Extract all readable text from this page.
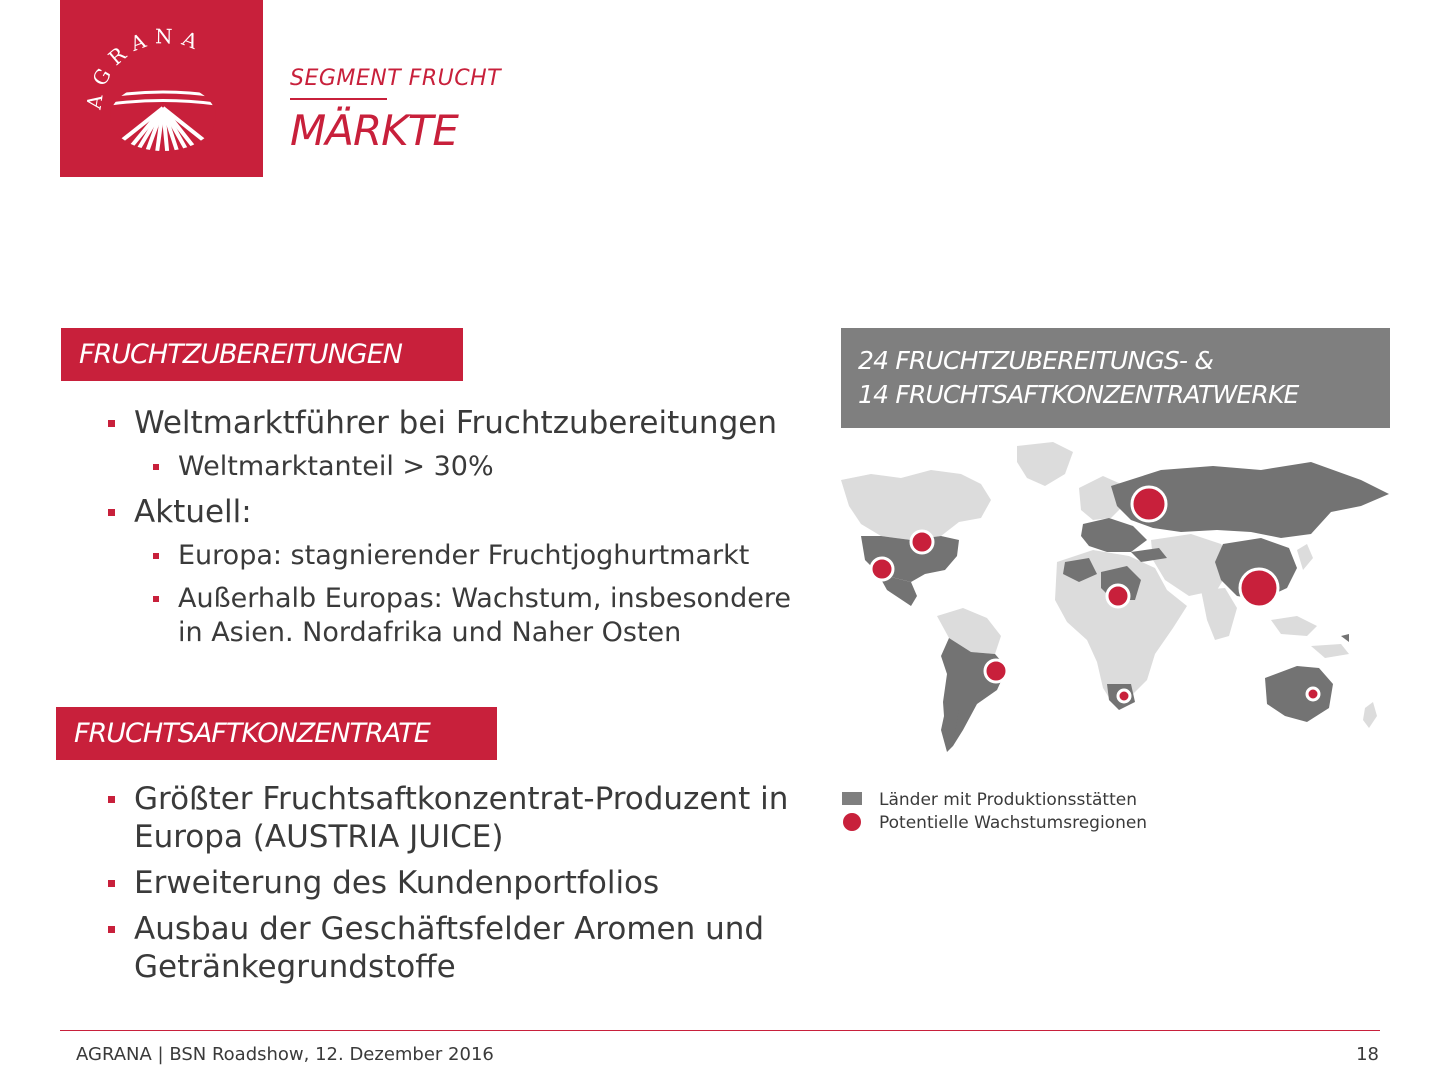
AGRANA
SEGMENT FRUCHT
MÄRKTE
FRUCHTZUBEREITUNGEN
Weltmarktführer bei Fruchtzubereitungen
Weltmarktanteil > 30%
Aktuell:
Europa: stagnierender Fruchtjoghurtmarkt
Außerhalb Europas: Wachstum, insbesondere in Asien. Nordafrika und Naher Osten
FRUCHTSAFTKONZENTRATE
Größter Fruchtsaftkonzentrat-Produzent in Europa (AUSTRIA JUICE)
Erweiterung des Kundenportfolios
Ausbau der Geschäftsfelder Aromen und Getränkegrundstoffe
24 FRUCHTZUBEREITUNGS- &
14 FRUCHTSAFTKONZENTRATWERKE
Länder mit Produktionsstätten
Potentielle Wachstumsregionen
AGRANA | BSN Roadshow, 12. Dezember 2016	18
